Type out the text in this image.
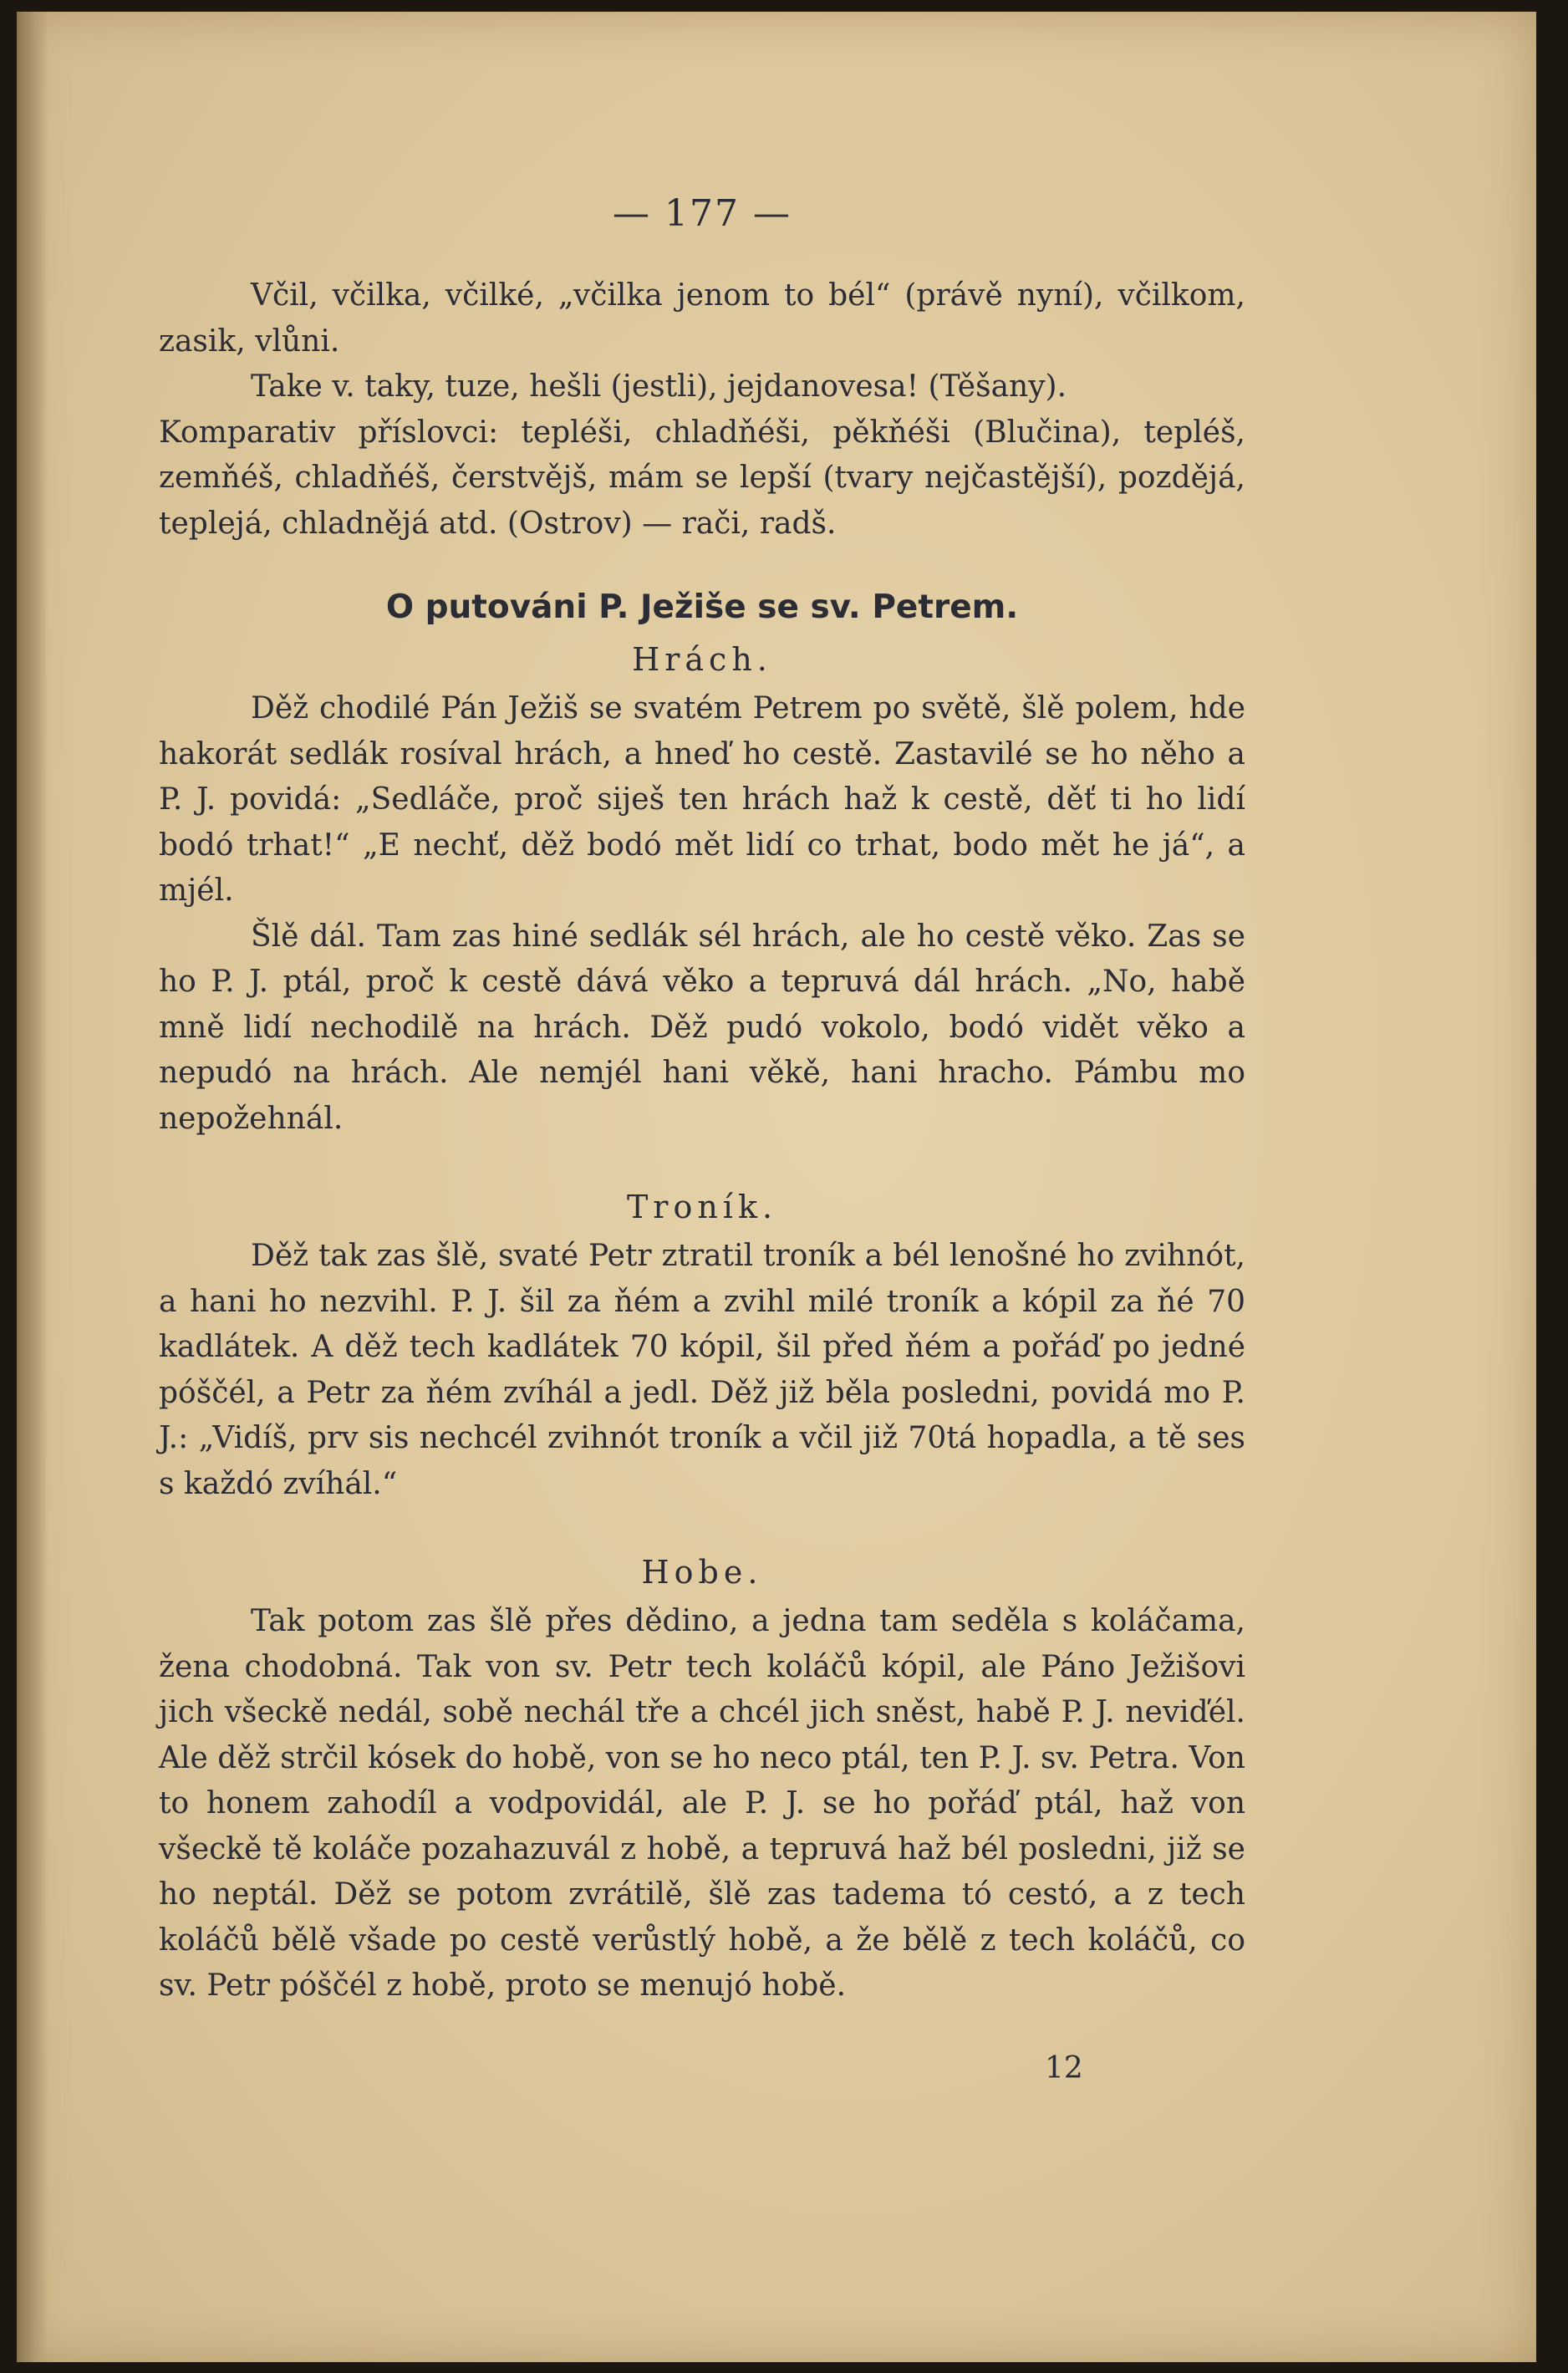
— 177 —

Včil, včilka, včilké, „včilka jenom to bél“ (právě nyní), včilkom, zasik, vlůni.

Take v. taky, tuze, hešli (jestli), jejdanovesa! (Těšany).

Komparativ příslovci: tepléši, chladňéši, pěkňéši (Blučina), tepléš, zemňéš, chladňéš, čerstvějš, mám se lepší (tvary nejčastější), pozdějá, teplejá, chladnějá atd. (Ostrov) — rači, radš.

O putováni P. Ježiše se sv. Petrem.
Hrách.

Děž chodilé Pán Ježiš se svatém Petrem po světě, šlě polem, hde hakorát sedlák rosíval hrách, a hneď ho cestě. Zastavilé se ho něho a P. J. povidá: „Sedláče, proč siješ ten hrách haž k cestě, děť ti ho lidí bodó trhat!“ „E nechť, děž bodó mět lidí co trhat, bodo mět he já“, a mjél.

Šlě dál. Tam zas hiné sedlák sél hrách, ale ho cestě věko. Zas se ho P. J. ptál, proč k cestě dává věko a tepruvá dál hrách. „No, habě mně lidí nechodilě na hrách. Děž pudó vokolo, bodó vidět věko a nepudó na hrách. Ale nemjél hani věkě, hani hracho. Pámbu mo nepožehnál.

Troník.

Děž tak zas šlě, svaté Petr ztratil troník a bél lenošné ho zvihnót, a hani ho nezvihl. P. J. šil za ňém a zvihl milé troník a kópil za ňé 70 kadlátek. A děž tech kadlátek 70 kópil, šil před ňém a pořáď po jedné póščél, a Petr za ňém zvíhál a jedl. Děž již běla posledni, povidá mo P. J.: „Vidíš, prv sis nechcél zvihnót troník a včil již 70tá hopadla, a tě ses s každó zvíhál.“

Hobe.

Tak potom zas šlě přes dědino, a jedna tam seděla s koláčama, žena chodobná. Tak von sv. Petr tech koláčů kópil, ale Páno Ježišovi jich všeckě nedál, sobě nechál tře a chcél jich sněst, habě P. J. neviďél. Ale děž strčil kósek do hobě, von se ho neco ptál, ten P. J. sv. Petra. Von to honem zahodíl a vodpovidál, ale P. J. se ho pořáď ptál, haž von všeckě tě koláče pozahazuvál z hobě, a tepruvá haž bél posledni, již se ho neptál. Děž se potom zvrátilě, šlě zas tadema tó cestó, a z tech koláčů bělě všade po cestě verůstlý hobě, a že bělě z tech koláčů, co sv. Petr póščél z hobě, proto se menujó hobě.

12
